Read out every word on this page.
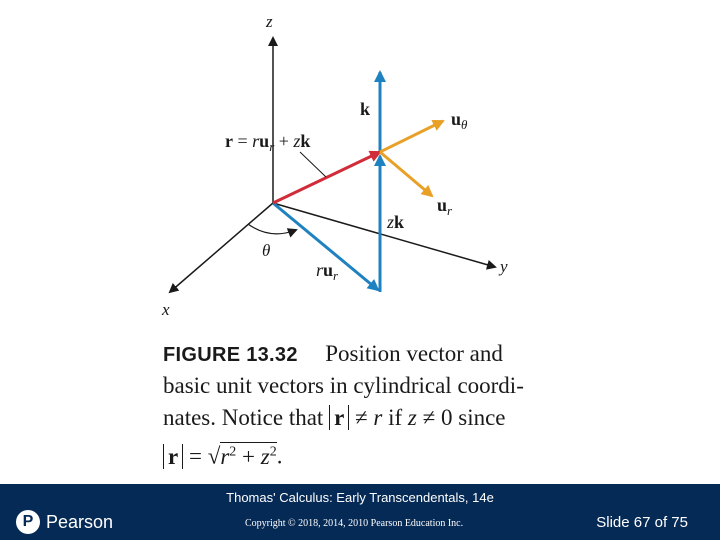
z
y
x
k	$u_\theta$
$u_r$
zk
θ
$ru_r$
$r = ru_r$ + zk
FIGURE 13.32 Position vector and
basic unit vectors in cylindrical coordi-
nates. Notice that r ≠ r if z ≠ 0 since
$r = √r^2 + z^2$.
Thomas' Calculus: Early Transcendentals, 14e
P Pearson	Copyright © 2018, 2014, 2010 Pearson Education Inc.	Slide 67 of 75
